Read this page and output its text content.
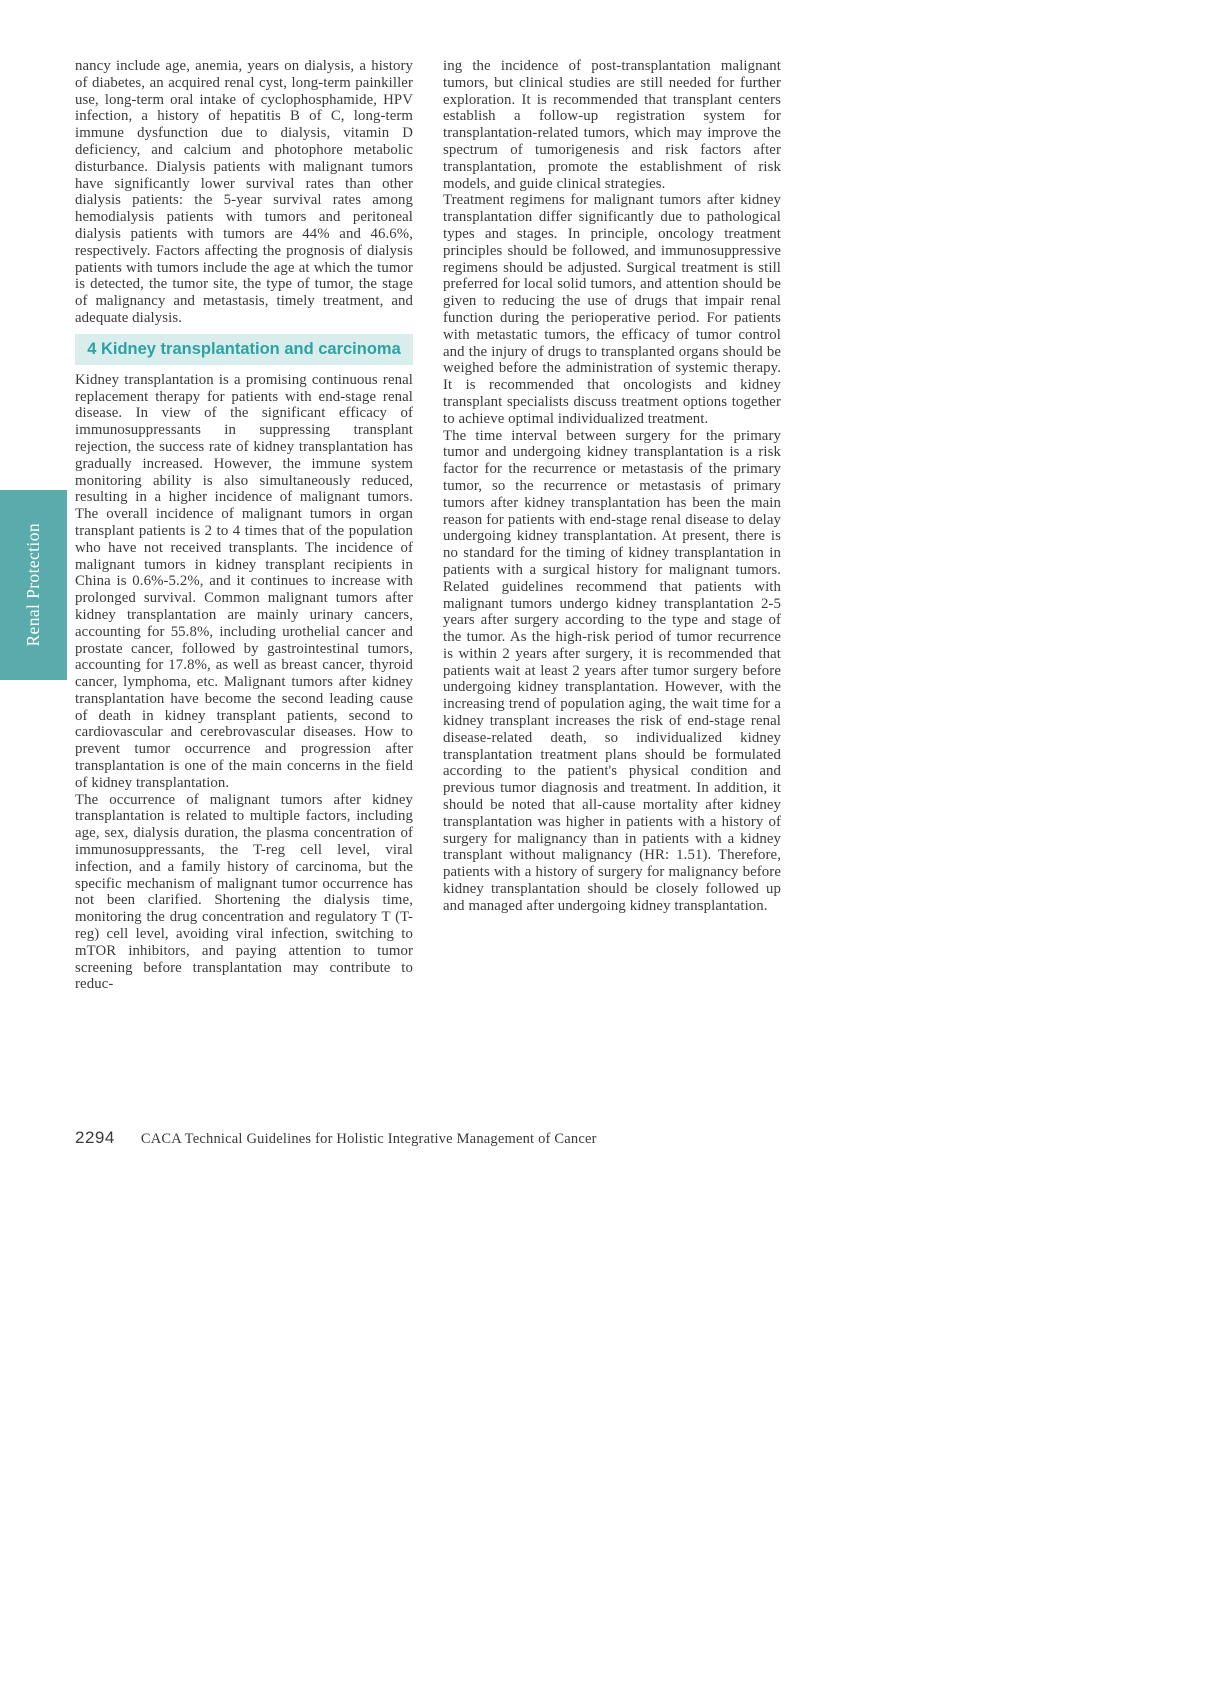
Renal Protection

nancy include age, anemia, years on dialysis, a history of diabetes, an acquired renal cyst, long-term painkiller use, long-term oral intake of cyclophosphamide, HPV infection, a history of hepatitis B of C, long-term immune dysfunction due to dialysis, vitamin D deficiency, and calcium and photophore metabolic disturbance. Dialysis patients with malignant tumors have significantly lower survival rates than other dialysis patients: the 5-year survival rates among hemodialysis patients with tumors and peritoneal dialysis patients with tumors are 44% and 46.6%, respectively. Factors affecting the prognosis of dialysis patients with tumors include the age at which the tumor is detected, the tumor site, the type of tumor, the stage of malignancy and metastasis, timely treatment, and adequate dialysis.

4 Kidney transplantation and carcinoma

Kidney transplantation is a promising continuous renal replacement therapy for patients with end-stage renal disease. In view of the significant efficacy of immunosuppressants in suppressing transplant rejection, the success rate of kidney transplantation has gradually increased. However, the immune system monitoring ability is also simultaneously reduced, resulting in a higher incidence of malignant tumors. The overall incidence of malignant tumors in organ transplant patients is 2 to 4 times that of the population who have not received transplants. The incidence of malignant tumors in kidney transplant recipients in China is 0.6%-5.2%, and it continues to increase with prolonged survival. Common malignant tumors after kidney transplantation are mainly urinary cancers, accounting for 55.8%, including urothelial cancer and prostate cancer, followed by gastrointestinal tumors, accounting for 17.8%, as well as breast cancer, thyroid cancer, lymphoma, etc. Malignant tumors after kidney transplantation have become the second leading cause of death in kidney transplant patients, second to cardiovascular and cerebrovascular diseases. How to prevent tumor occurrence and progression after transplantation is one of the main concerns in the field of kidney transplantation.

The occurrence of malignant tumors after kidney transplantation is related to multiple factors, including age, sex, dialysis duration, the plasma concentration of immunosuppressants, the T-reg cell level, viral infection, and a family history of carcinoma, but the specific mechanism of malignant tumor occurrence has not been clarified. Shortening the dialysis time, monitoring the drug concentration and regulatory T (T-reg) cell level, avoiding viral infection, switching to mTOR inhibitors, and paying attention to tumor screening before transplantation may contribute to reduc-

ing the incidence of post-transplantation malignant tumors, but clinical studies are still needed for further exploration. It is recommended that transplant centers establish a follow-up registration system for transplantation-related tumors, which may improve the spectrum of tumorigenesis and risk factors after transplantation, promote the establishment of risk models, and guide clinical strategies.

Treatment regimens for malignant tumors after kidney transplantation differ significantly due to pathological types and stages. In principle, oncology treatment principles should be followed, and immunosuppressive regimens should be adjusted. Surgical treatment is still preferred for local solid tumors, and attention should be given to reducing the use of drugs that impair renal function during the perioperative period. For patients with metastatic tumors, the efficacy of tumor control and the injury of drugs to transplanted organs should be weighed before the administration of systemic therapy. It is recommended that oncologists and kidney transplant specialists discuss treatment options together to achieve optimal individualized treatment.

The time interval between surgery for the primary tumor and undergoing kidney transplantation is a risk factor for the recurrence or metastasis of the primary tumor, so the recurrence or metastasis of primary tumors after kidney transplantation has been the main reason for patients with end-stage renal disease to delay undergoing kidney transplantation. At present, there is no standard for the timing of kidney transplantation in patients with a surgical history for malignant tumors. Related guidelines recommend that patients with malignant tumors undergo kidney transplantation 2-5 years after surgery according to the type and stage of the tumor. As the high-risk period of tumor recurrence is within 2 years after surgery, it is recommended that patients wait at least 2 years after tumor surgery before undergoing kidney transplantation. However, with the increasing trend of population aging, the wait time for a kidney transplant increases the risk of end-stage renal disease-related death, so individualized kidney transplantation treatment plans should be formulated according to the patient's physical condition and previous tumor diagnosis and treatment. In addition, it should be noted that all-cause mortality after kidney transplantation was higher in patients with a history of surgery for malignancy than in patients with a kidney transplant without malignancy (HR: 1.51). Therefore, patients with a history of surgery for malignancy before kidney transplantation should be closely followed up and managed after undergoing kidney transplantation.

2294 CACA Technical Guidelines for Holistic Integrative Management of Cancer
